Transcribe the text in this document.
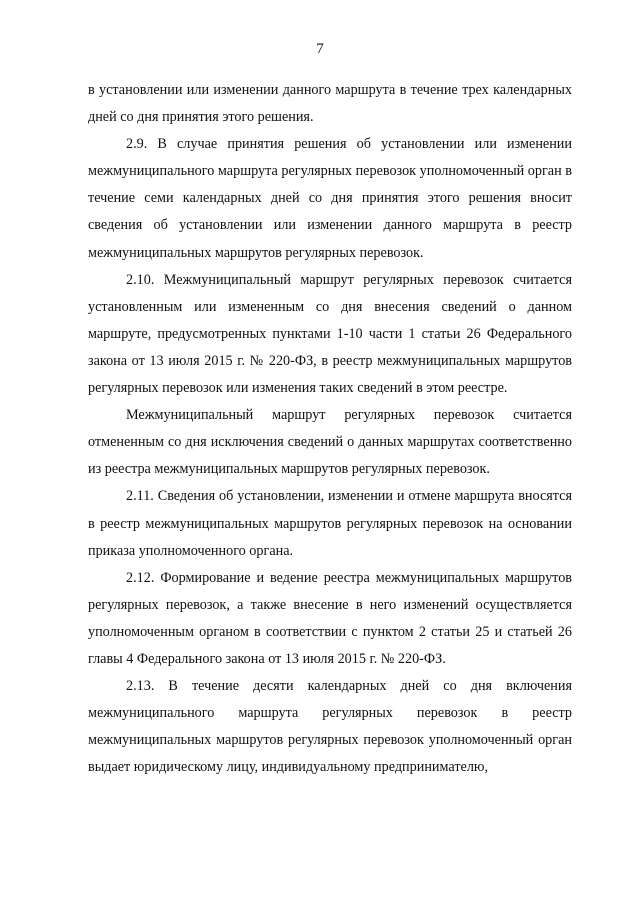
7

в установлении или изменении данного маршрута в течение трех календарных дней со дня принятия этого решения.

2.9. В случае принятия решения об установлении или изменении межмуниципального маршрута регулярных перевозок уполномоченный орган в течение семи календарных дней со дня принятия этого решения вносит сведения об установлении или изменении данного маршрута в реестр межмуниципальных маршрутов регулярных перевозок.

2.10. Межмуниципальный маршрут регулярных перевозок считается установленным или измененным со дня внесения сведений о данном маршруте, предусмотренных пунктами 1-10 части 1 статьи 26 Федерального закона от 13 июля 2015 г. № 220-ФЗ, в реестр межмуниципальных маршрутов регулярных перевозок или изменения таких сведений в этом реестре.

Межмуниципальный маршрут регулярных перевозок считается отмененным со дня исключения сведений о данных маршрутах соответственно из реестра межмуниципальных маршрутов регулярных перевозок.

2.11. Сведения об установлении, изменении и отмене маршрута вносятся в реестр межмуниципальных маршрутов регулярных перевозок на основании приказа уполномоченного органа.

2.12. Формирование и ведение реестра межмуниципальных маршрутов регулярных перевозок, а также внесение в него изменений осуществляется уполномоченным органом в соответствии с пунктом 2 статьи 25 и статьей 26 главы 4 Федерального закона от 13 июля 2015 г. № 220-ФЗ.

2.13. В течение десяти календарных дней со дня включения межмуниципального маршрута регулярных перевозок в реестр межмуниципальных маршрутов регулярных перевозок уполномоченный орган выдает юридическому лицу, индивидуальному предпринимателю,
